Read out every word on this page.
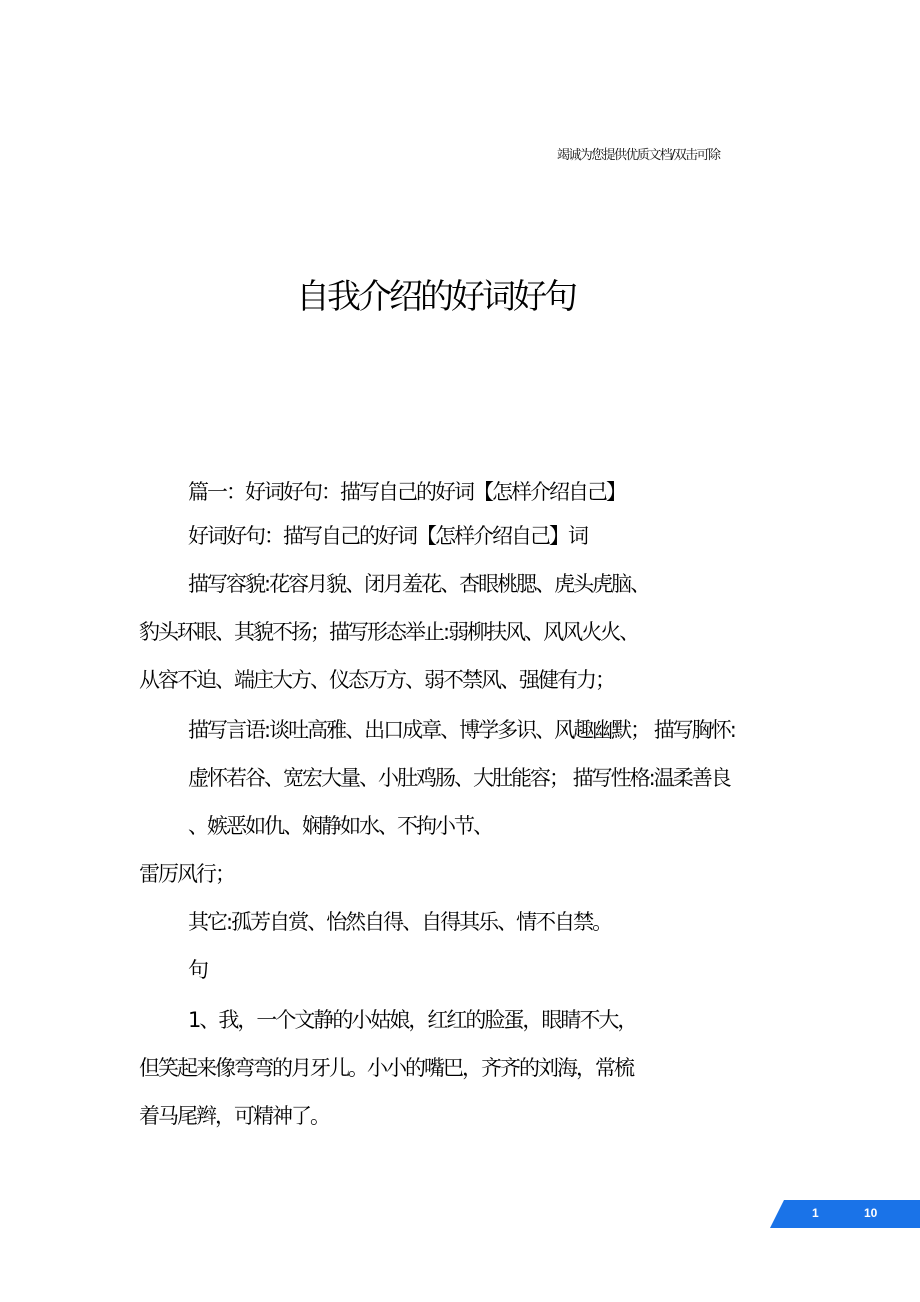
竭诚为您提供优质文档/双击可除
自我介绍的好词好句
篇一：好词好句：描写自己的好词【怎样介绍自己】
好词好句：描写自己的好词【怎样介绍自己】词
描写容貌:花容月貌、闭月羞花、杏眼桃腮、虎头虎脑、
豹头环眼、其貌不扬；描写形态举止:弱柳扶风、风风火火、
从容不迫、端庄大方、仪态万方、弱不禁风、强健有力；
描写言语:谈吐高雅、出口成章、博学多识、风趣幽默； 描写胸怀:
虚怀若谷、宽宏大量、小肚鸡肠、大肚能容； 描写性格:温柔善良
、嫉恶如仇、娴静如水、不拘小节、
雷厉风行；
其它:孤芳自赏、怡然自得、自得其乐、情不自禁。
句
1、我，一个文静的小姑娘，红红的脸蛋，眼睛不大，
但笑起来像弯弯的月牙儿。小小的嘴巴，齐齐的刘海，常梳
着马尾辫，可精神了。
1	10
